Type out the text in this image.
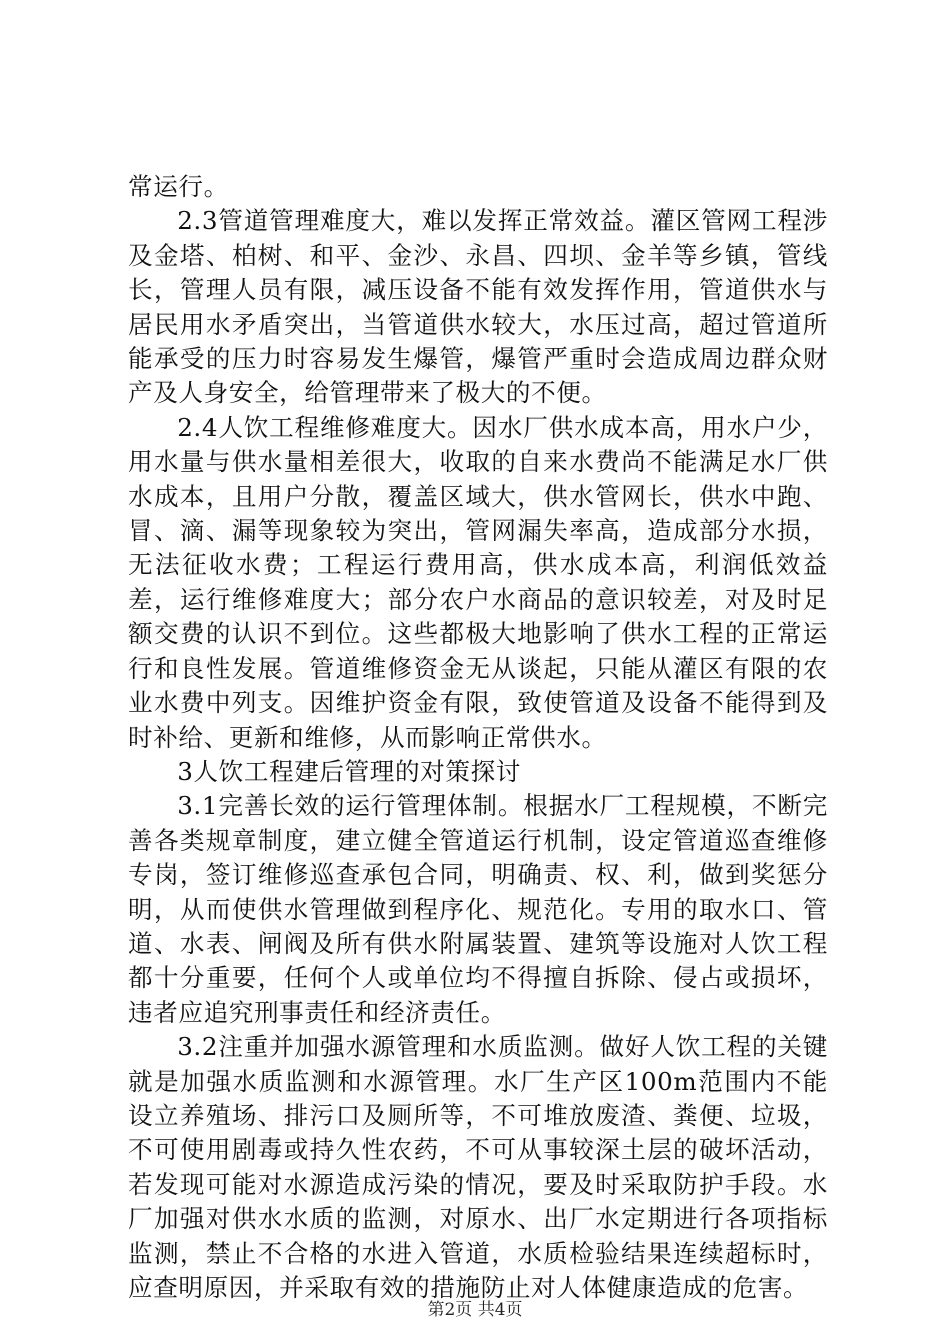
常运行。

2.3管道管理难度大，难以发挥正常效益。灌区管网工程涉及金塔、柏树、和平、金沙、永昌、四坝、金羊等乡镇，管线长，管理人员有限，减压设备不能有效发挥作用，管道供水与居民用水矛盾突出，当管道供水较大，水压过高，超过管道所能承受的压力时容易发生爆管，爆管严重时会造成周边群众财产及人身安全，给管理带来了极大的不便。

2.4人饮工程维修难度大。因水厂供水成本高，用水户少，用水量与供水量相差很大，收取的自来水费尚不能满足水厂供水成本，且用户分散，覆盖区域大，供水管网长，供水中跑、冒、滴、漏等现象较为突出，管网漏失率高，造成部分水损，无法征收水费；工程运行费用高，供水成本高，利润低效益差，运行维修难度大；部分农户水商品的意识较差，对及时足额交费的认识不到位。这些都极大地影响了供水工程的正常运行和良性发展。管道维修资金无从谈起，只能从灌区有限的农业水费中列支。因维护资金有限，致使管道及设备不能得到及时补给、更新和维修，从而影响正常供水。

3人饮工程建后管理的对策探讨

3.1完善长效的运行管理体制。根据水厂工程规模，不断完善各类规章制度，建立健全管道运行机制，设定管道巡查维修专岗，签订维修巡查承包合同，明确责、权、利，做到奖惩分明，从而使供水管理做到程序化、规范化。专用的取水口、管道、水表、闸阀及所有供水附属装置、建筑等设施对人饮工程都十分重要，任何个人或单位均不得擅自拆除、侵占或损坏，违者应追究刑事责任和经济责任。

3.2注重并加强水源管理和水质监测。做好人饮工程的关键就是加强水质监测和水源管理。水厂生产区100m范围内不能设立养殖场、排污口及厕所等，不可堆放废渣、粪便、垃圾，不可使用剧毒或持久性农药，不可从事较深土层的破坏活动，若发现可能对水源造成污染的情况，要及时采取防护手段。水厂加强对供水水质的监测，对原水、出厂水定期进行各项指标监测，禁止不合格的水进入管道，水质检验结果连续超标时，应查明原因，并采取有效的措施防止对人体健康造成的危害。

第2页 共4页
